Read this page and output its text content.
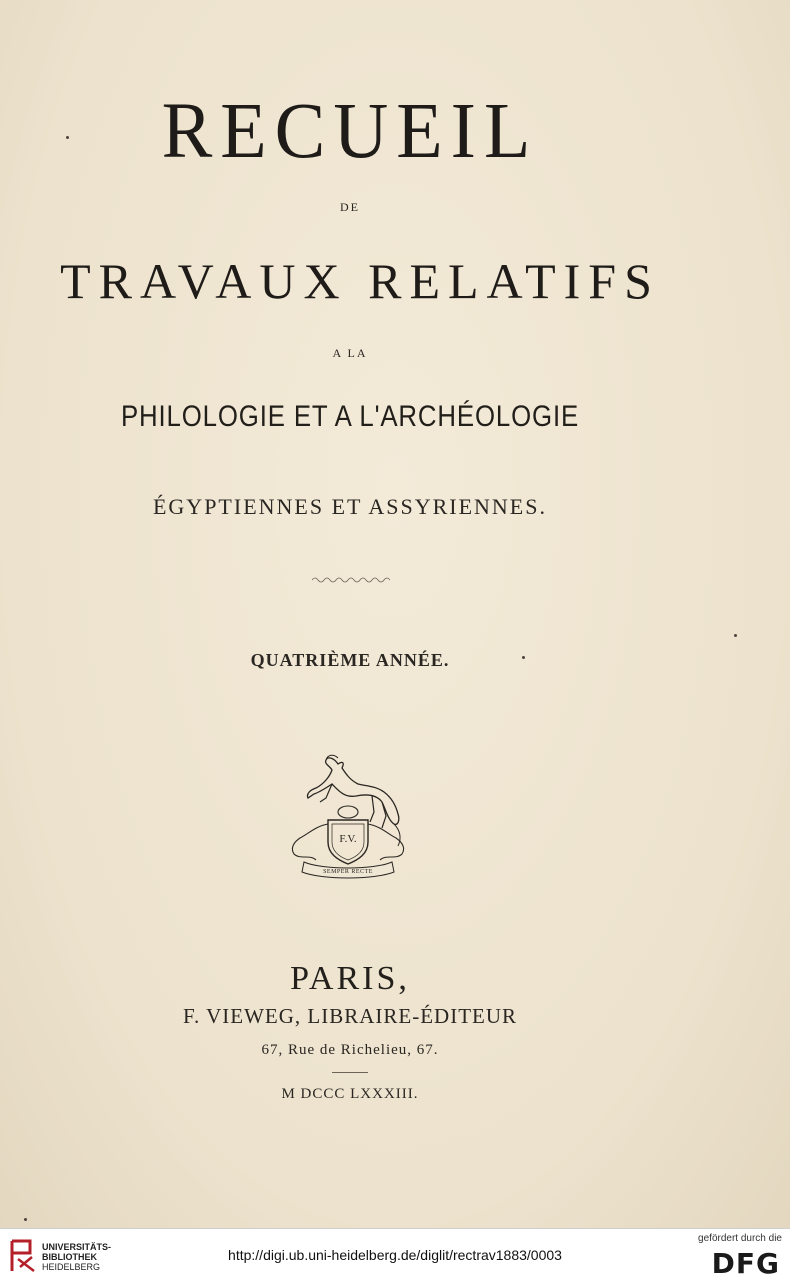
RECUEIL
DE
TRAVAUX RELATIFS
A LA
PHILOLOGIE ET A L'ARCHÉOLOGIE
ÉGYPTIENNES ET ASSYRIENNES.
QUATRIÈME ANNÉE.
F.V.
SEMPER RECTE
PARIS,
F. VIEWEG, LIBRAIRE-ÉDITEUR
67, Rue de Richelieu, 67.
M DCCC LXXXIII.
UNIVERSITÄTS-
BIBLIOTHEK
HEIDELBERG
http://digi.ub.uni-heidelberg.de/diglit/rectrav1883/0003
gefördert durch die
DFG
